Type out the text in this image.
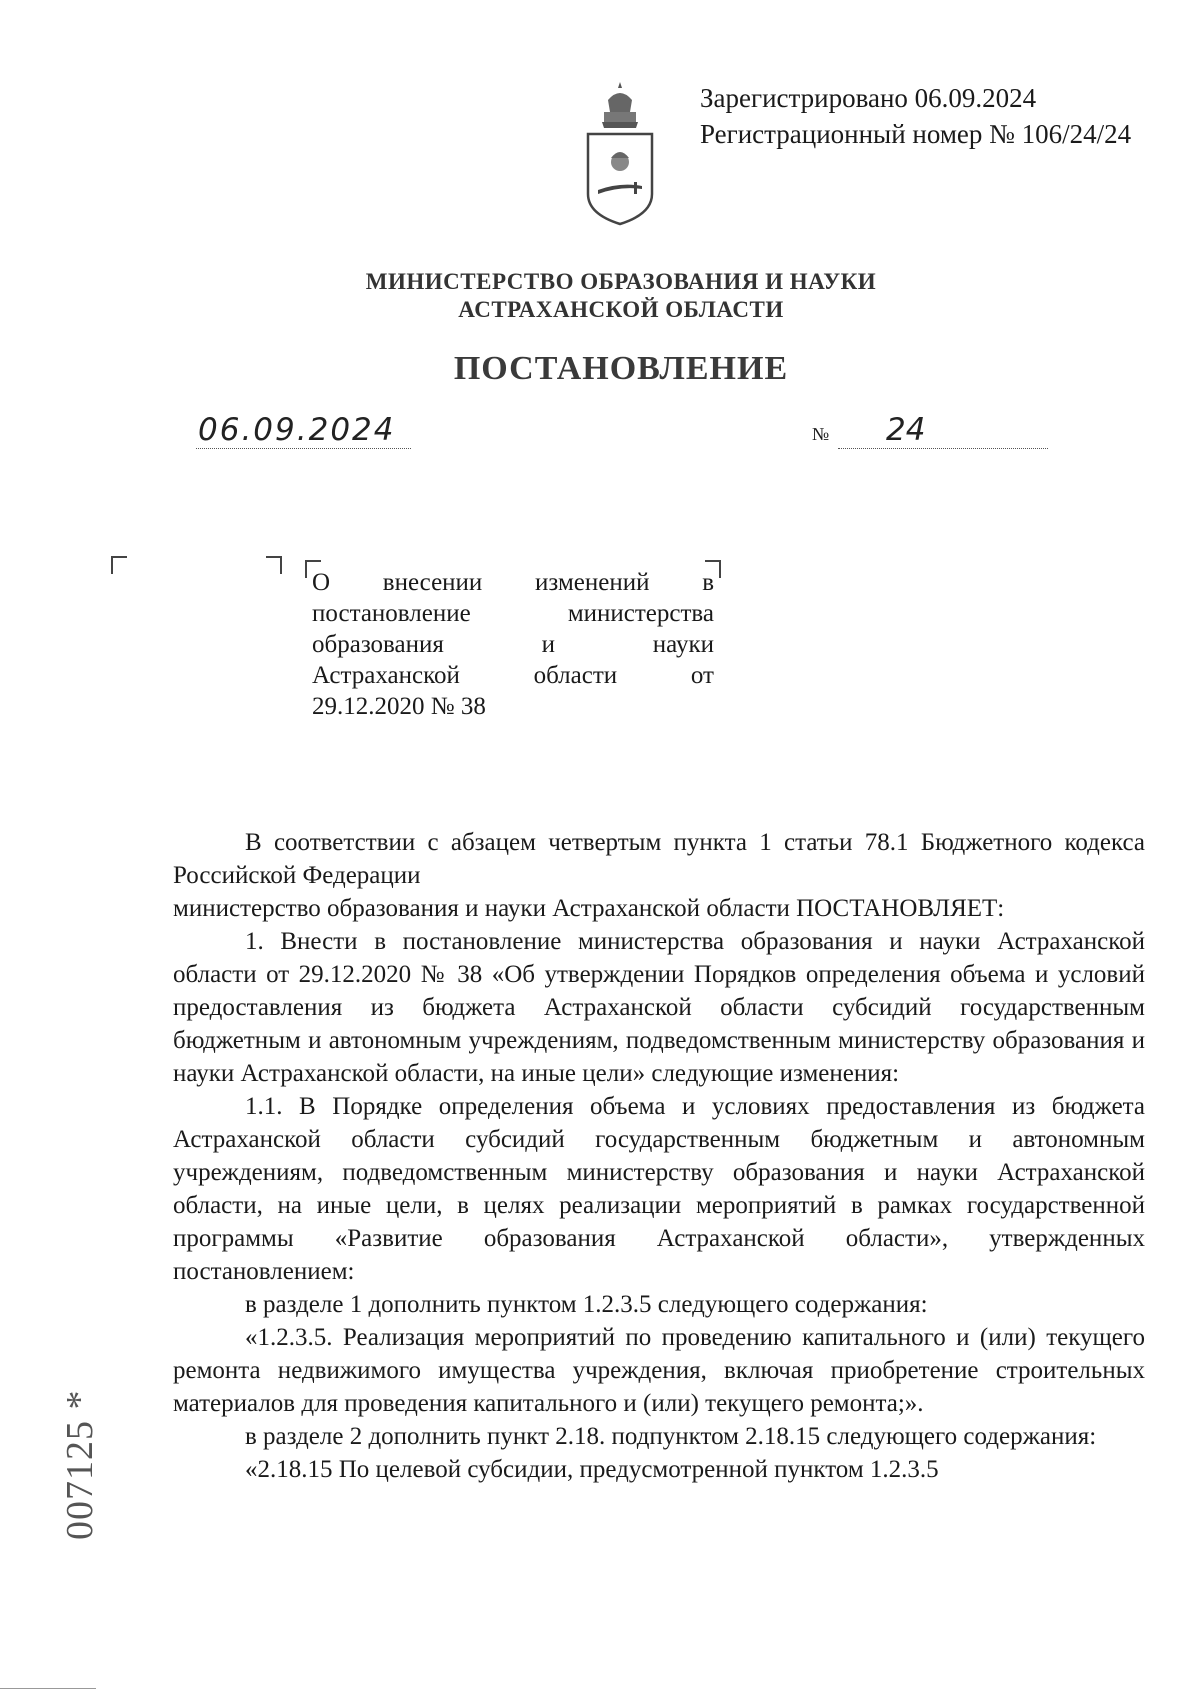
Зарегистрировано 06.09.2024
Регистрационный номер № 106/24/24
МИНИСТЕРСТВО ОБРАЗОВАНИЯ И НАУКИ
АСТРАХАНСКОЙ ОБЛАСТИ
ПОСТАНОВЛЕНИЕ
06.09.2024	№ 24
О внесении изменений в
постановление министерства
образования и науки
Астраханской области от
29.12.2020 № 38

В соответствии с абзацем четвертым пункта 1 статьи 78.1 Бюджетного кодекса Российской Федерации

министерство образования и науки Астраханской области ПОСТАНОВЛЯЕТ:

1. Внести в постановление министерства образования и науки Астраханской области от 29.12.2020 № 38 «Об утверждении Порядков определения объема и условий предоставления из бюджета Астраханской области субсидий государственным бюджетным и автономным учреждениям, подведомственным министерству образования и науки Астраханской области, на иные цели» следующие изменения:

1.1. В Порядке определения объема и условиях предоставления из бюджета Астраханской области субсидий государственным бюджетным и автономным учреждениям, подведомственным министерству образования и науки Астраханской области, на иные цели, в целях реализации мероприятий в рамках государственной программы «Развитие образования Астраханской области», утвержденных постановлением:

в разделе 1 дополнить пунктом 1.2.3.5 следующего содержания:

«1.2.3.5. Реализация мероприятий по проведению капитального и (или) текущего ремонта недвижимого имущества учреждения, включая приобретение строительных материалов для проведения капитального и (или) текущего ремонта;».

в разделе 2 дополнить пункт 2.18. подпунктом 2.18.15 следующего содержания:

«2.18.15 По целевой субсидии, предусмотренной пунктом 1.2.3.5

007125 *
